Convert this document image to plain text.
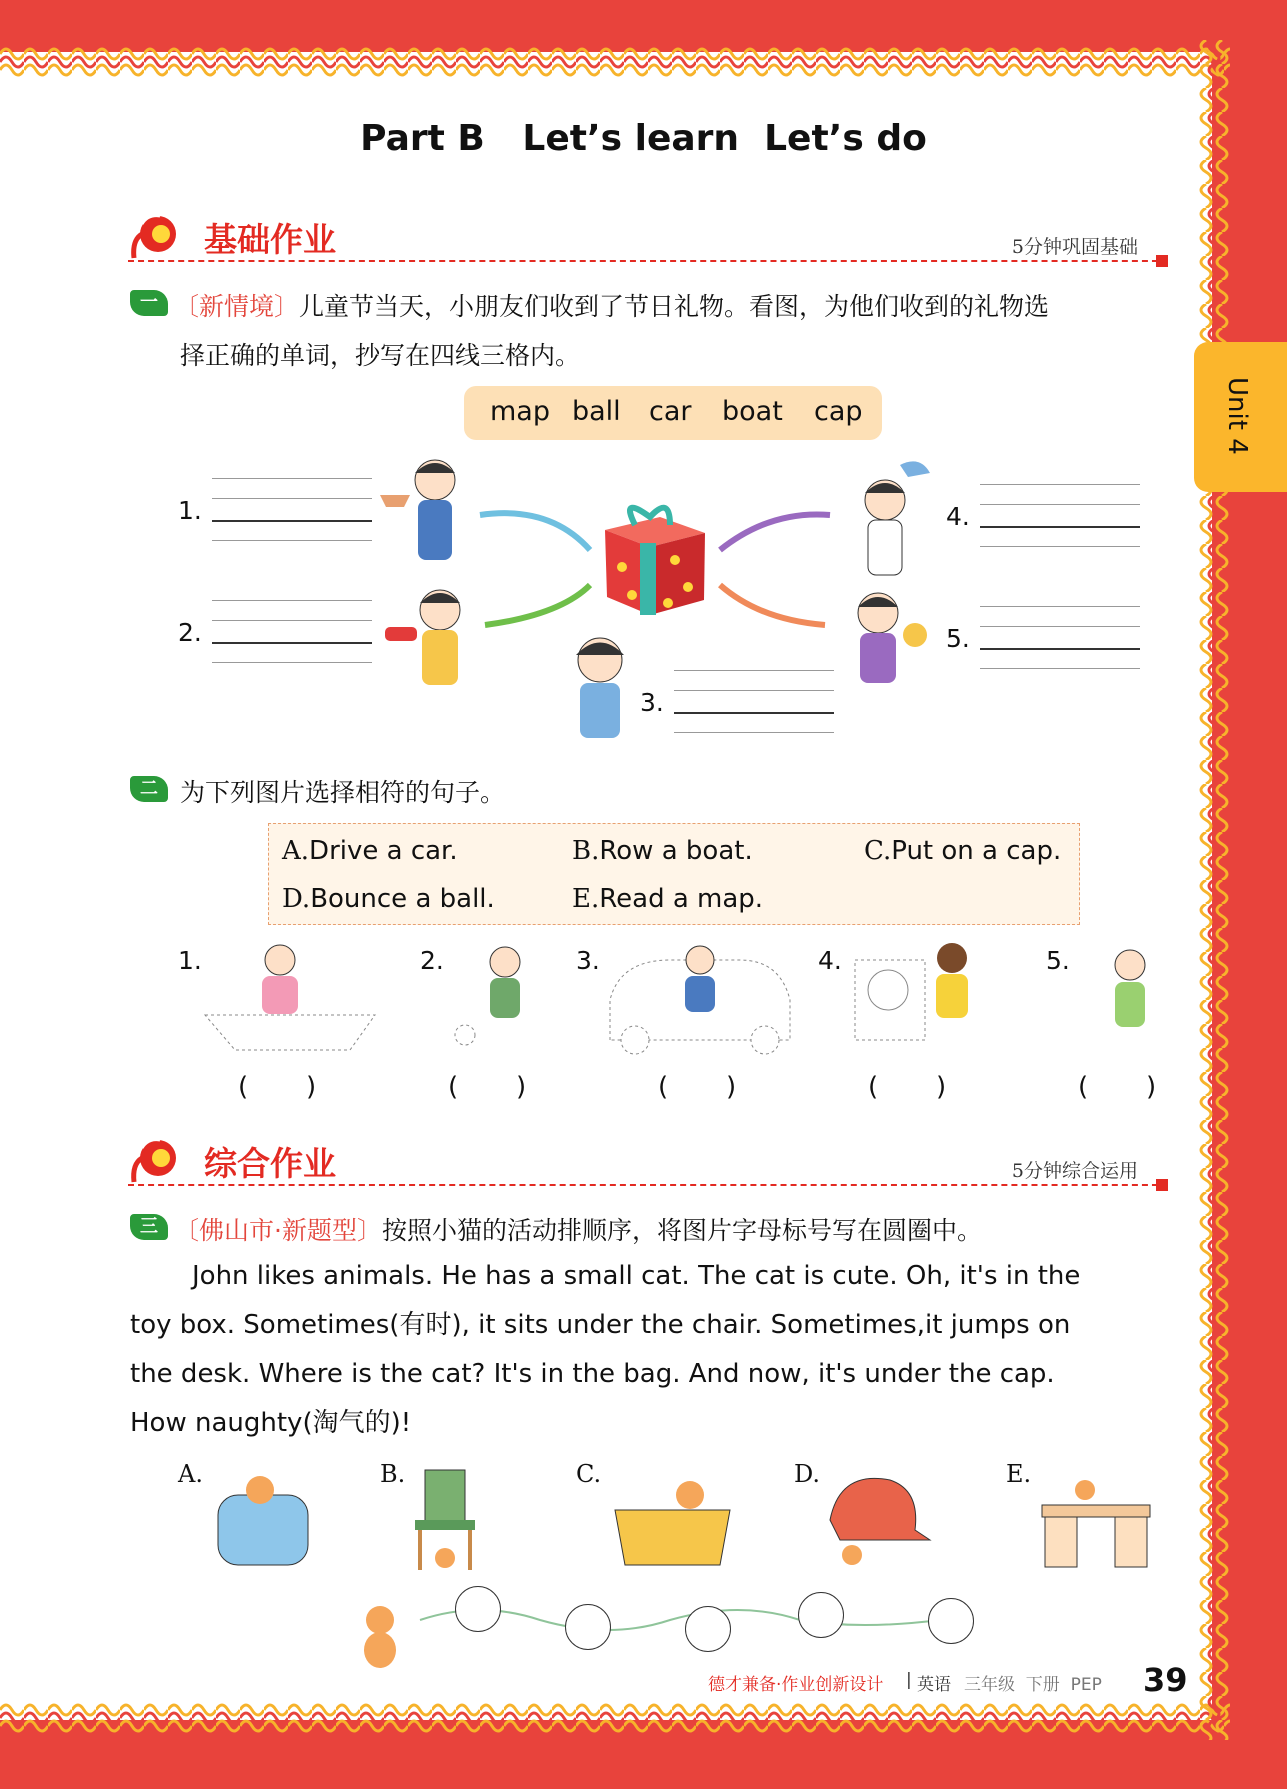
Unit 4
Part B   Let’s learn  Let’s do
基础作业	5分钟巩固基础
一 〔新情境〕儿童节当天，小朋友们收到了节日礼物。看图，为他们收到的礼物选
择正确的单词，抄写在四线三格内。
map ball car boat cap
1.
2.
3.
4.
5.
二 为下列图片选择相符的句子。
A.Drive a car.	B.Row a boat.	C.Put on a cap.
D.Bounce a ball.	E.Read a map.
1.	2.	3.	4.	5.
(       )	(       )	(       )	(       )	(       )
综合作业	5分钟综合运用
三 〔佛山市·新题型〕按照小猫的活动排顺序，将图片字母标号写在圆圈中。
John likes animals. He has a small cat. The cat is cute. Oh, it's in the
toy box. Sometimes(有时), it sits under the chair. Sometimes,it jumps on
the desk. Where is the cat? It's in the bag. And now, it's under the cap.
How naughty(淘气的)!
A.	B.	C.	D.	E.
德才兼备·作业创新设计 | 英语 三年级  下册  PEP 39
